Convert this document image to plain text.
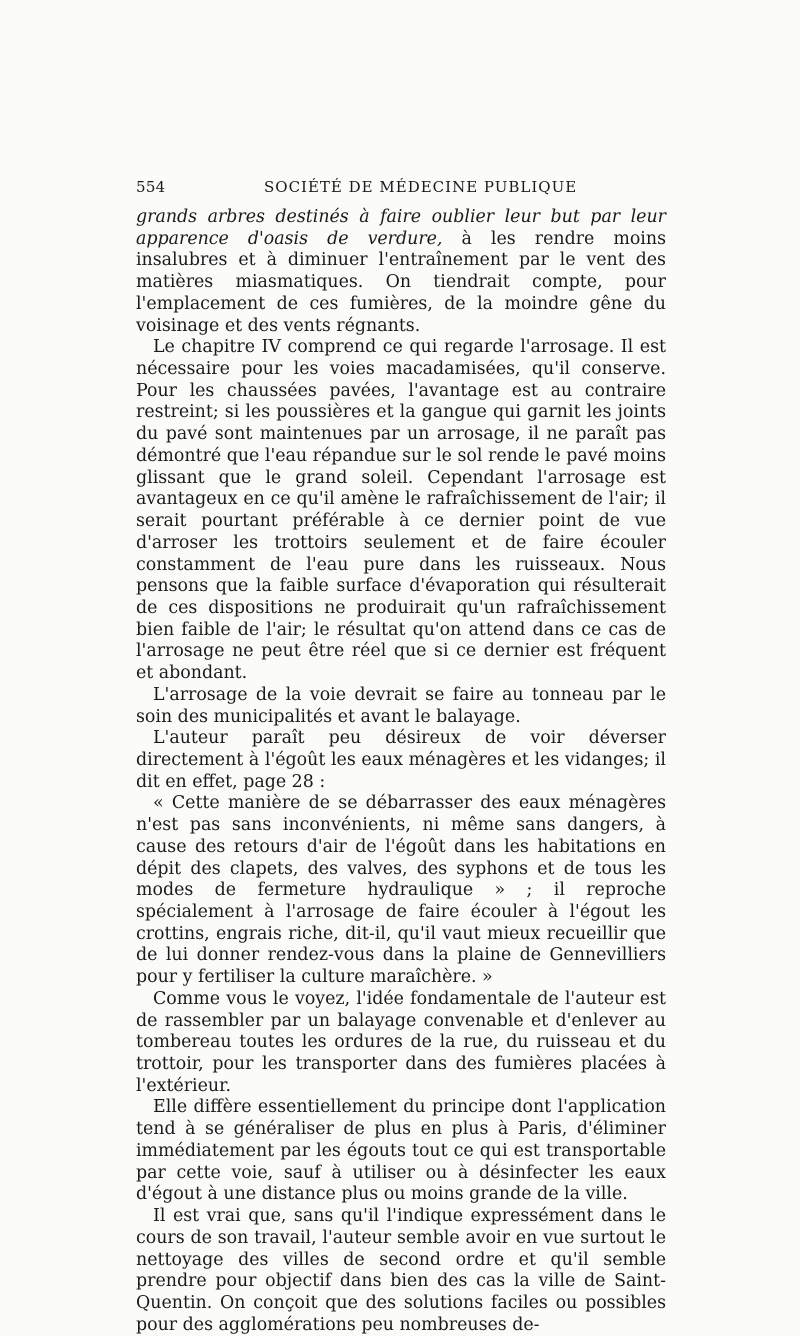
554	SOCIÉTÉ DE MÉDECINE PUBLIQUE

grands arbres destinés à faire oublier leur but par leur apparence d'oasis de verdure, à les rendre moins insalubres et à diminuer l'entraînement par le vent des matières miasmatiques. On tiendrait compte, pour l'emplacement de ces fumières, de la moindre gêne du voisinage et des vents régnants.

Le chapitre IV comprend ce qui regarde l'arrosage. Il est nécessaire pour les voies macadamisées, qu'il conserve. Pour les chaussées pavées, l'avantage est au contraire restreint; si les poussières et la gangue qui garnit les joints du pavé sont maintenues par un arrosage, il ne paraît pas démontré que l'eau répandue sur le sol rende le pavé moins glissant que le grand soleil. Cependant l'arrosage est avantageux en ce qu'il amène le rafraîchissement de l'air; il serait pourtant préférable à ce dernier point de vue d'arroser les trottoirs seulement et de faire écouler constamment de l'eau pure dans les ruisseaux. Nous pensons que la faible surface d'évaporation qui résulterait de ces dispositions ne produirait qu'un rafraîchissement bien faible de l'air; le résultat qu'on attend dans ce cas de l'arrosage ne peut être réel que si ce dernier est fréquent et abondant.

L'arrosage de la voie devrait se faire au tonneau par le soin des municipalités et avant le balayage.

L'auteur paraît peu désireux de voir déverser directement à l'égoût les eaux ménagères et les vidanges; il dit en effet, page 28 :

« Cette manière de se débarrasser des eaux ménagères n'est pas sans inconvénients, ni même sans dangers, à cause des retours d'air de l'égoût dans les habitations en dépit des clapets, des valves, des syphons et de tous les modes de fermeture hydraulique » ; il reproche spécialement à l'arrosage de faire écouler à l'égout les crottins, engrais riche, dit-il, qu'il vaut mieux recueillir que de lui donner rendez-vous dans la plaine de Gennevilliers pour y fertiliser la culture maraîchère. »

Comme vous le voyez, l'idée fondamentale de l'auteur est de rassembler par un balayage convenable et d'enlever au tombereau toutes les ordures de la rue, du ruisseau et du trottoir, pour les transporter dans des fumières placées à l'extérieur.

Elle diffère essentiellement du principe dont l'application tend à se généraliser de plus en plus à Paris, d'éliminer immédiatement par les égouts tout ce qui est transportable par cette voie, sauf à utiliser ou à désinfecter les eaux d'égout à une distance plus ou moins grande de la ville.

Il est vrai que, sans qu'il l'indique expressément dans le cours de son travail, l'auteur semble avoir en vue surtout le nettoyage des villes de second ordre et qu'il semble prendre pour objectif dans bien des cas la ville de Saint-Quentin. On conçoit que des solutions faciles ou possibles pour des agglomérations peu nombreuses de-
